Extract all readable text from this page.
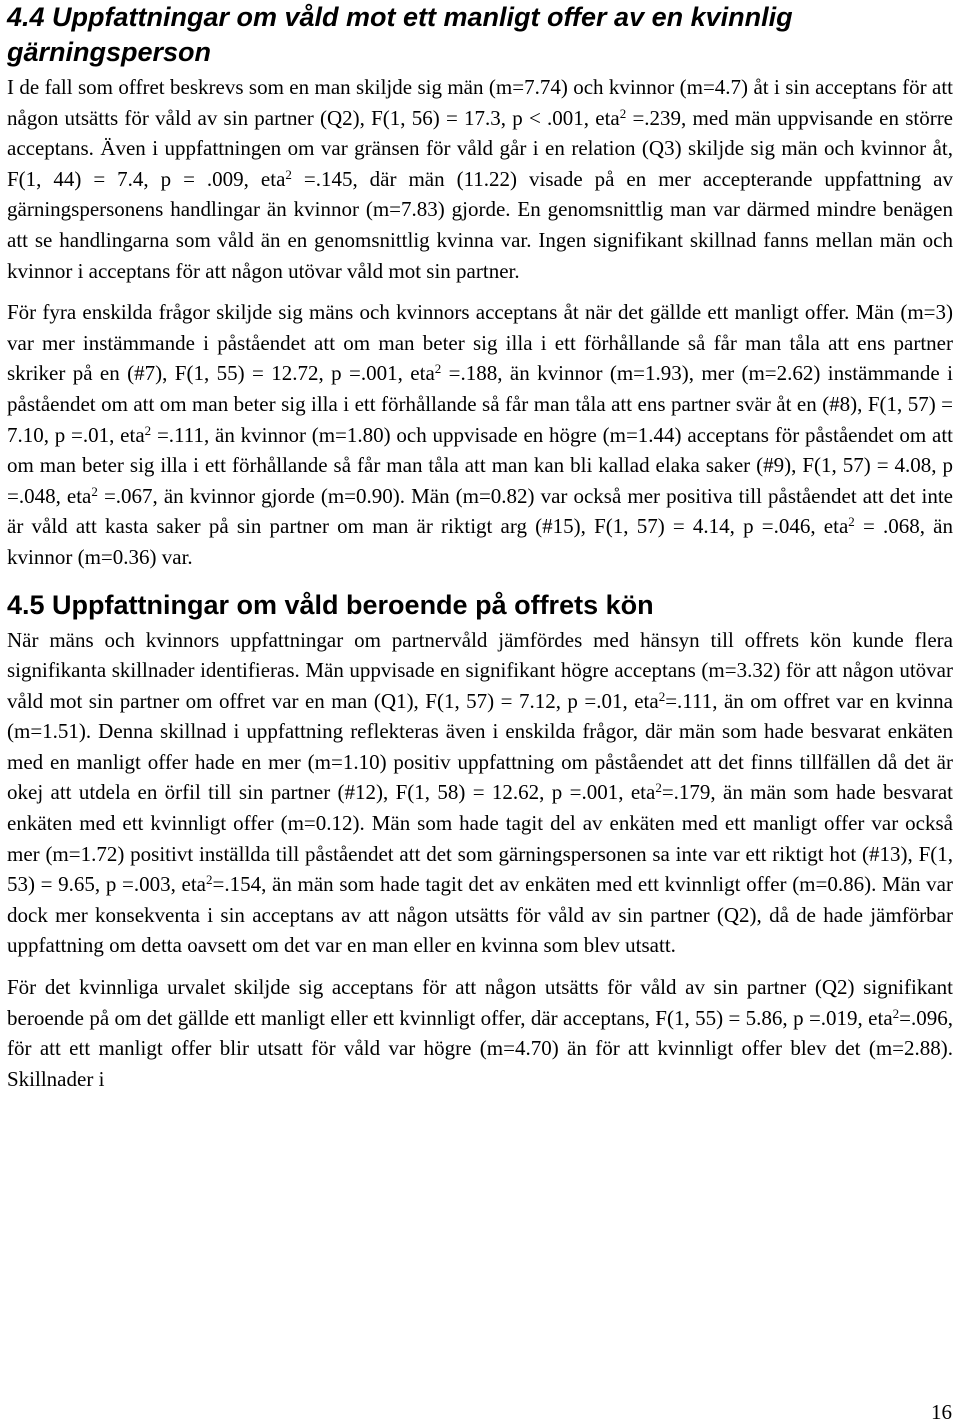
4.4 Uppfattningar om våld mot ett manligt offer av en kvinnlig gärningsperson

I de fall som offret beskrevs som en man skiljde sig män (m=7.74) och kvinnor (m=4.7) åt i sin acceptans för att någon utsätts för våld av sin partner (Q2), F(1, 56) = 17.3, p < .001, eta$^2$ =.239, med män uppvisande en större acceptans. Även i uppfattningen om var gränsen för våld går i en relation (Q3) skiljde sig män och kvinnor åt, F(1, 44) = 7.4, p = .009, eta$^2$ =.145, där män (11.22) visade på en mer accepterande uppfattning av gärningspersonens handlingar än kvinnor (m=7.83) gjorde. En genomsnittlig man var därmed mindre benägen att se handlingarna som våld än en genomsnittlig kvinna var. Ingen signifikant skillnad fanns mellan män och kvinnor i acceptans för att någon utövar våld mot sin partner.

För fyra enskilda frågor skiljde sig mäns och kvinnors acceptans åt när det gällde ett manligt offer. Män (m=3) var mer instämmande i påståendet att om man beter sig illa i ett förhållande så får man tåla att ens partner skriker på en (#7), F(1, 55) = 12.72, p =.001, eta$^2$ =.188, än kvinnor (m=1.93), mer (m=2.62) instämmande i påståendet om att om man beter sig illa i ett förhållande så får man tåla att ens partner svär åt en (#8), F(1, 57) = 7.10, p =.01, eta$^2$ =.111, än kvinnor (m=1.80) och uppvisade en högre (m=1.44) acceptans för påståendet om att om man beter sig illa i ett förhållande så får man tåla att man kan bli kallad elaka saker (#9), F(1, 57) = 4.08, p =.048, eta$^2$ =.067, än kvinnor gjorde (m=0.90). Män (m=0.82) var också mer positiva till påståendet att det inte är våld att kasta saker på sin partner om man är riktigt arg (#15), F(1, 57) = 4.14, p =.046, eta$^2$ = .068, än kvinnor (m=0.36) var.

4.5 Uppfattningar om våld beroende på offrets kön

När mäns och kvinnors uppfattningar om partnervåld jämfördes med hänsyn till offrets kön kunde flera signifikanta skillnader identifieras. Män uppvisade en signifikant högre acceptans (m=3.32) för att någon utövar våld mot sin partner om offret var en man (Q1), F(1, 57) = 7.12, p =.01, eta$^2$=.111, än om offret var en kvinna (m=1.51). Denna skillnad i uppfattning reflekteras även i enskilda frågor, där män som hade besvarat enkäten med en manligt offer hade en mer (m=1.10) positiv uppfattning om påståendet att det finns tillfällen då det är okej att utdela en örfil till sin partner (#12), F(1, 58) = 12.62, p =.001, eta$^2$=.179, än män som hade besvarat enkäten med ett kvinnligt offer (m=0.12). Män som hade tagit del av enkäten med ett manligt offer var också mer (m=1.72) positivt inställda till påståendet att det som gärningspersonen sa inte var ett riktigt hot (#13), F(1, 53) = 9.65, p =.003, eta$^2$=.154, än män som hade tagit det av enkäten med ett kvinnligt offer (m=0.86). Män var dock mer konsekventa i sin acceptans av att någon utsätts för våld av sin partner (Q2), då de hade jämförbar uppfattning om detta oavsett om det var en man eller en kvinna som blev utsatt.

För det kvinnliga urvalet skiljde sig acceptans för att någon utsätts för våld av sin partner (Q2) signifikant beroende på om det gällde ett manligt eller ett kvinnligt offer, där acceptans, F(1, 55) = 5.86, p =.019, eta$^2$=.096, för att ett manligt offer blir utsatt för våld var högre (m=4.70) än för att kvinnligt offer blev det (m=2.88). Skillnader i

16
